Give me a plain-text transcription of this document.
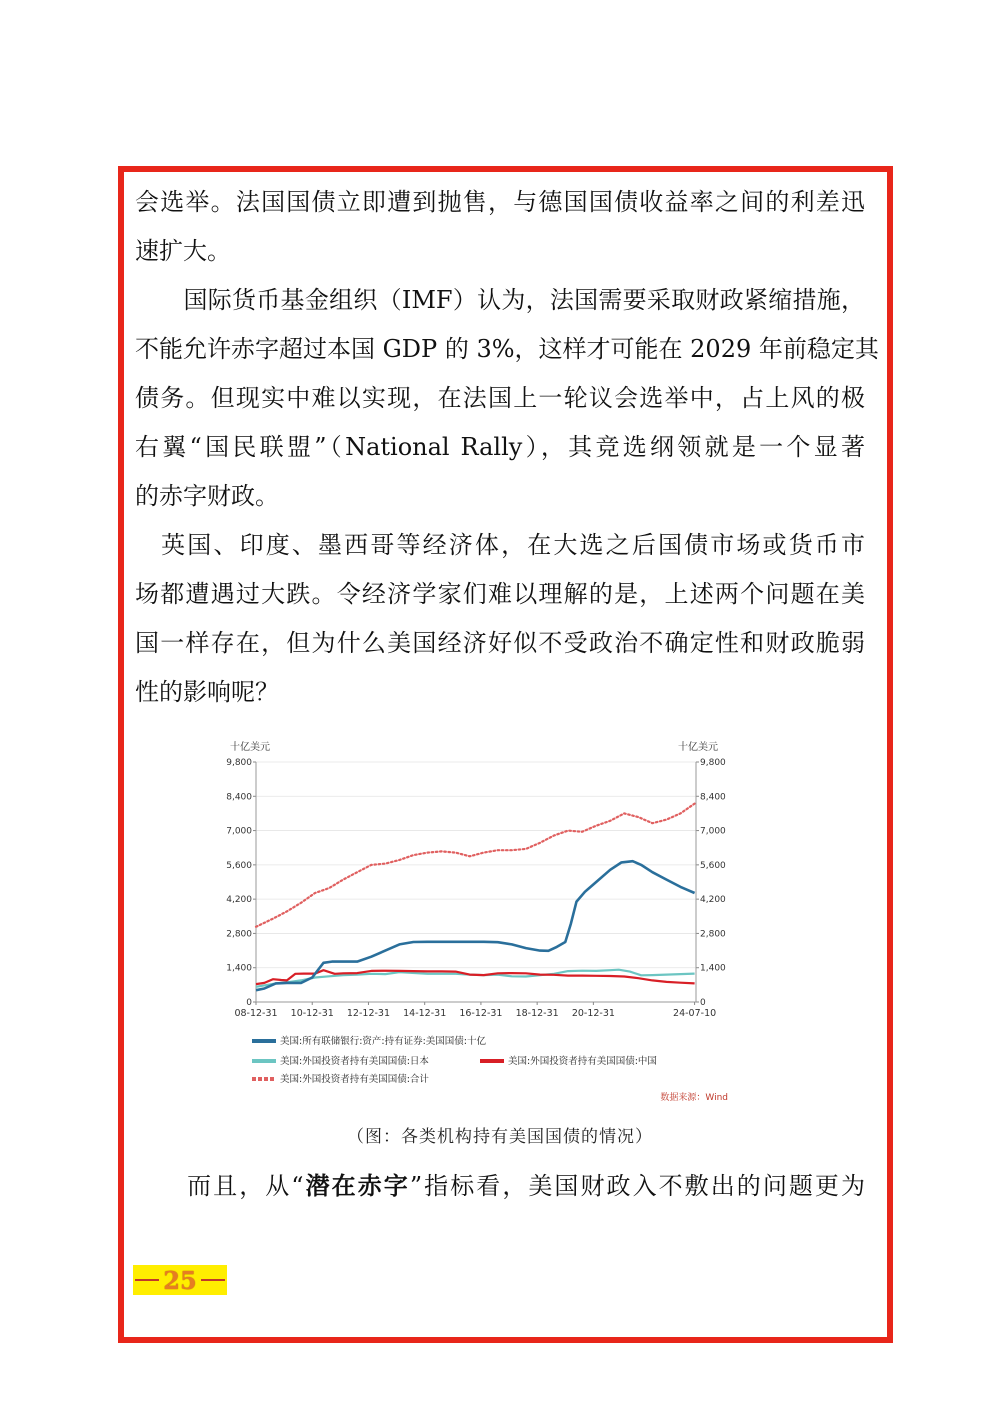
会选举。法国国债立即遭到抛售，与德国国债收益率之间的利差迅
速扩大。
　　国际货币基金组织（IMF）认为，法国需要采取财政紧缩措施，
不能允许赤字超过本国 GDP 的 3%，这样才可能在 2029 年前稳定其
债务。但现实中难以实现，在法国上一轮议会选举中，占上风的极
右翼“国民联盟”（National Rally），其竞选纲领就是一个显著
的赤字财政。
　英国、印度、墨西哥等经济体，在大选之后国债市场或货币市
场都遭遇过大跌。令经济学家们难以理解的是，上述两个问题在美
国一样存在，但为什么美国经济好似不受政治不确定性和财政脆弱
性的影响呢？
十亿美元	十亿美元
0
1,400
2,800
4,200
5,600
7,000
8,400
9,800
0
1,400
2,800
4,200
5,600
7,000
8,400
9,800
08-12-31 10-12-31 12-12-31 14-12-31 16-12-31 18-12-31 20-12-31	24-07-10
美国:所有联储银行:资产:持有证券:美国国债:十亿
美国:外国投资者持有美国国债:日本	美国:外国投资者持有美国国债:中国
美国:外国投资者持有美国国债:合计
数据来源：Wind
（图：各类机构持有美国国债的情况）
　　而且，从“潜在赤字”指标看，美国财政入不敷出的问题更为
25
